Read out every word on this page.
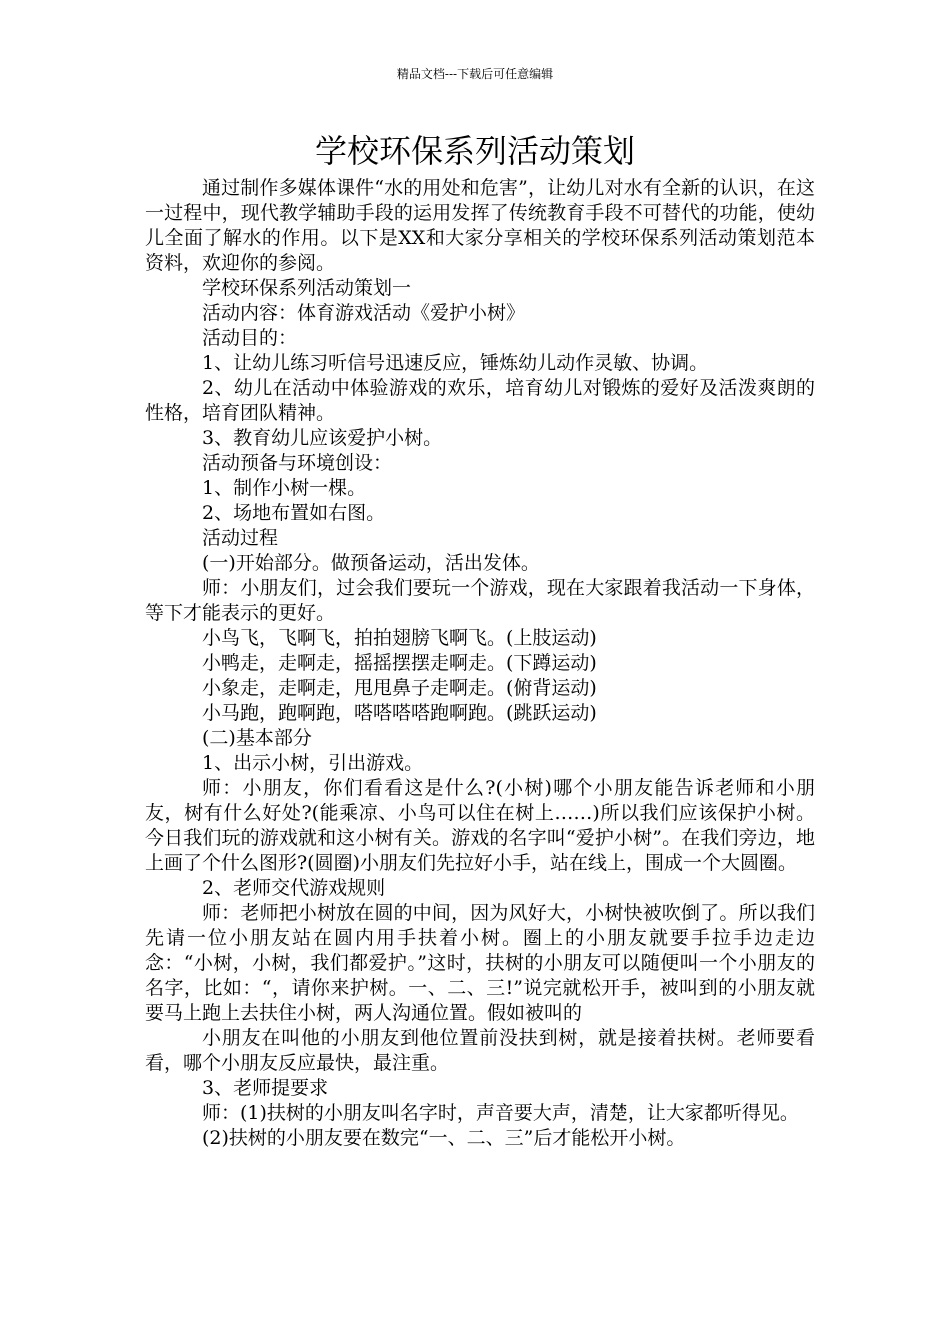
精品文档---下载后可任意编辑
学校环保系列活动策划

通过制作多媒体课件“水的用处和危害”，让幼儿对水有全新的认识，在这一过程中，现代教学辅助手段的运用发挥了传统教育手段不可替代的功能，使幼儿全面了解水的作用。以下是XX和大家分享相关的学校环保系列活动策划范本资料，欢迎你的参阅。

学校环保系列活动策划一

活动内容：体育游戏活动《爱护小树》

活动目的：

1、让幼儿练习听信号迅速反应，锤炼幼儿动作灵敏、协调。

2、幼儿在活动中体验游戏的欢乐，培育幼儿对锻炼的爱好及活泼爽朗的性格，培育团队精神。

3、教育幼儿应该爱护小树。

活动预备与环境创设：

1、制作小树一棵。

2、场地布置如右图。

活动过程

(一)开始部分。做预备运动，活出发体。

师：小朋友们，过会我们要玩一个游戏，现在大家跟着我活动一下身体，等下才能表示的更好。

小鸟飞，飞啊飞，拍拍翅膀飞啊飞。(上肢运动)

小鸭走，走啊走，摇摇摆摆走啊走。(下蹲运动)

小象走，走啊走，甩甩鼻子走啊走。(俯背运动)

小马跑，跑啊跑，嗒嗒嗒嗒跑啊跑。(跳跃运动)

(二)基本部分

1、出示小树，引出游戏。

师：小朋友，你们看看这是什么?(小树)哪个小朋友能告诉老师和小朋友，树有什么好处?(能乘凉、小鸟可以住在树上……)所以我们应该保护小树。今日我们玩的游戏就和这小树有关。游戏的名字叫“爱护小树”。在我们旁边，地上画了个什么图形?(圆圈)小朋友们先拉好小手，站在线上，围成一个大圆圈。

2、老师交代游戏规则

师：老师把小树放在圆的中间，因为风好大，小树快被吹倒了。所以我们先请一位小朋友站在圆内用手扶着小树。圈上的小朋友就要手拉手边走边念：“小树，小树，我们都爱护。”这时，扶树的小朋友可以随便叫一个小朋友的名字，比如：“，请你来护树。一、二、三!”说完就松开手，被叫到的小朋友就要马上跑上去扶住小树，两人沟通位置。假如被叫的

小朋友在叫他的小朋友到他位置前没扶到树，就是接着扶树。老师要看看，哪个小朋友反应最快，最注重。

3、老师提要求

师：(1)扶树的小朋友叫名字时，声音要大声，清楚，让大家都听得见。

(2)扶树的小朋友要在数完“一、二、三”后才能松开小树。
